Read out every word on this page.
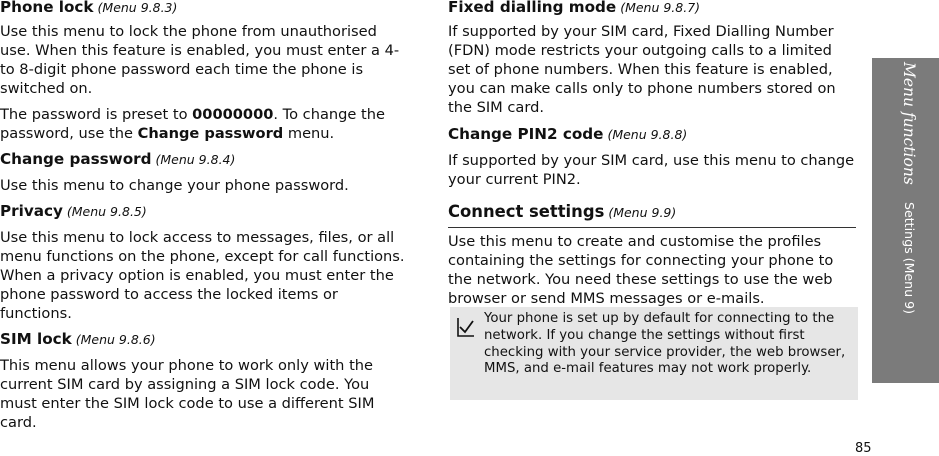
Phone lock (Menu 9.8.3)

Use this menu to lock the phone from unauthorised use. When this feature is enabled, you must enter a 4- to 8-digit phone password each time the phone is switched on.

The password is preset to 00000000. To change the password, use the Change password menu.

Change password (Menu 9.8.4)

Use this menu to change your phone password.

Privacy (Menu 9.8.5)

Use this menu to lock access to messages, files, or all menu functions on the phone, except for call functions. When a privacy option is enabled, you must enter the phone password to access the locked items or functions.

SIM lock (Menu 9.8.6)

This menu allows your phone to work only with the current SIM card by assigning a SIM lock code. You must enter the SIM lock code to use a different SIM card.

Fixed dialling mode (Menu 9.8.7)

If supported by your SIM card, Fixed Dialling Number (FDN) mode restricts your outgoing calls to a limited set of phone numbers. When this feature is enabled, you can make calls only to phone numbers stored on the SIM card.

Change PIN2 code (Menu 9.8.8)

If supported by your SIM card, use this menu to change your current PIN2.

Connect settings (Menu 9.9)

Use this menu to create and customise the profiles containing the settings for connecting your phone to the network. You need these settings to use the web browser or send MMS messages or e-mails.

Your phone is set up by default for connecting to the network. If you change the settings without first checking with your service provider, the web browser, MMS, and e-mail features may not work properly.
Menu functions Settings (Menu 9)
85
